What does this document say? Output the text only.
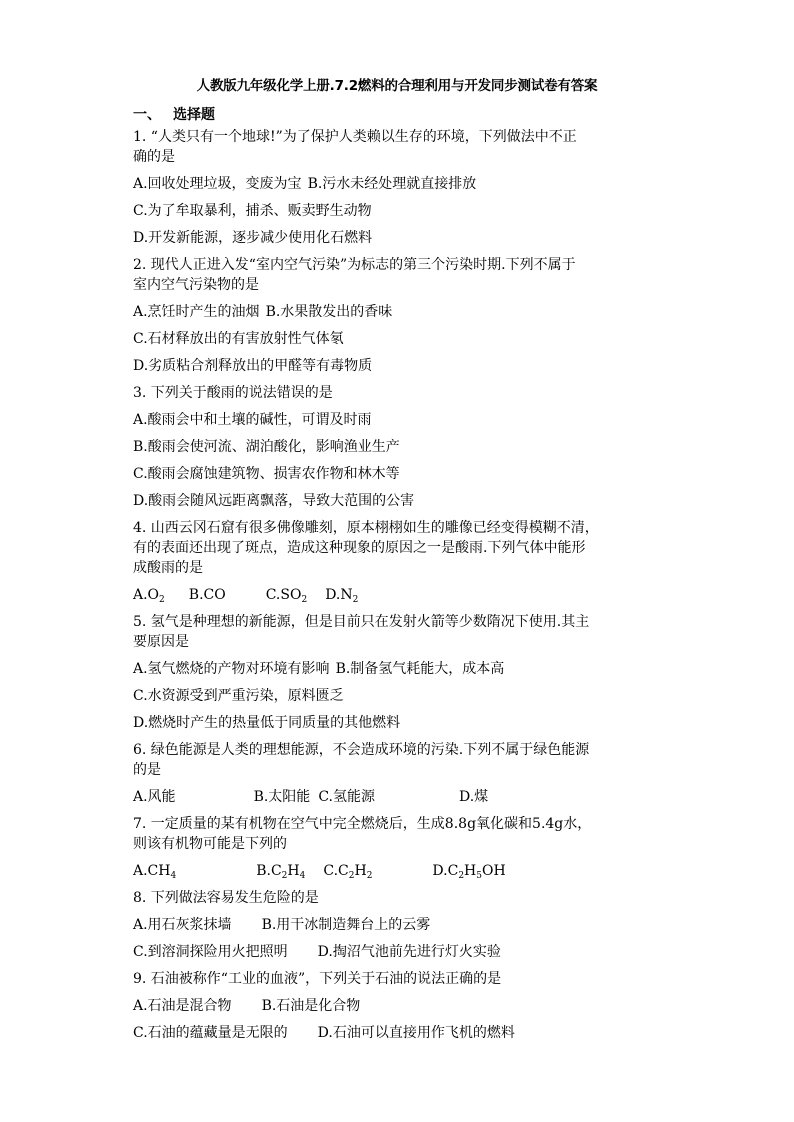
人教版九年级化学上册.7.2燃料的合理利用与开发同步测试卷有答案
一、 选择题
1. “人类只有一个地球!”为了保护人类赖以生存的环境，下列做法中不正
确的是
A.回收处理垃圾，变废为宝 B.污水未经处理就直接排放
C.为了牟取暴利，捕杀、贩卖野生动物
D.开发新能源，逐步减少使用化石燃料
2. 现代人正进入发“室内空气污染”为标志的第三个污染时期.下列不属于
室内空气污染物的是
A.烹饪时产生的油烟 B.水果散发出的香味
C.石材释放出的有害放射性气体氡
D.劣质粘合剂释放出的甲醛等有毒物质
3. 下列关于酸雨的说法错误的是
A.酸雨会中和土壤的碱性，可谓及时雨
B.酸雨会使河流、湖泊酸化，影响渔业生产
C.酸雨会腐蚀建筑物、损害农作物和林木等
D.酸雨会随风远距离飘落，导致大范围的公害
4. 山西云冈石窟有很多佛像雕刻，原本栩栩如生的雕像已经变得模糊不清，
有的表面还出现了斑点，造成这种现象的原因之一是酸雨.下列气体中能形
成酸雨的是
$A.O_2$ B.CO	$C.SO_2$ $D.N_2$
5. 氢气是种理想的新能源，但是目前只在发射火箭等少数隋况下使用.其主
要原因是
A.氢气燃烧的产物对环境有影响 B.制备氢气耗能大，成本高
C.水资源受到严重污染，原料匮乏
D.燃烧时产生的热量低于同质量的其他燃料
6. 绿色能源是人类的理想能源，不会造成环境的污染.下列不属于绿色能源
的是
A.风能	B.太阳能 C.氢能源	D.煤
7. 一定质量的某有机物在空气中完全燃烧后，生成8.8g氧化碳和5.4g水，
则该有机物可能是下列的
$A.CH_4$	$B.C_2H_4$ $C.C_2H_2$	$D.C_2H_5OH$
8. 下列做法容易发生危险的是
A.用石灰浆抹墙 B.用干冰制造舞台上的云雾
C.到溶洞探险用火把照明 D.掏沼气池前先进行灯火实验
9. 石油被称作“工业的血液”，下列关于石油的说法正确的是
A.石油是混合物 B.石油是化合物
C.石油的蕴藏量是无限的 D.石油可以直接用作飞机的燃料
